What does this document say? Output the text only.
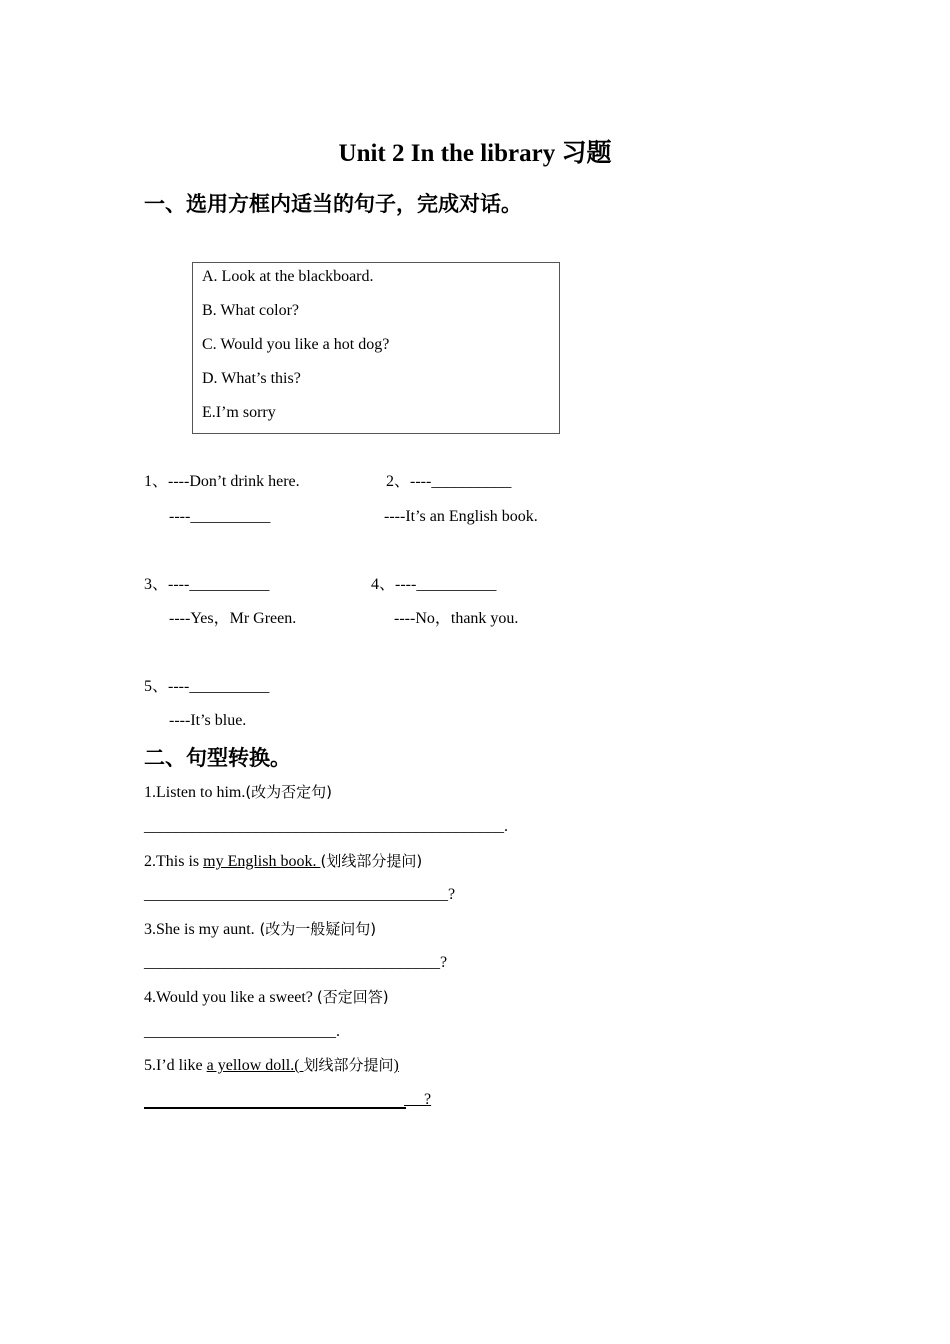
Unit 2 In the library 习题
一、选用方框内适当的句子，完成对话。
A. Look at the blackboard.
B. What color?
C. Would you like a hot dog?
D. What’s this?
E.I’m sorry
1、----Don’t drink here.
----__________
2、----__________
----It’s an English book.
3、----__________
----Yes，Mr Green.
4、----__________
----No，thank you.
5、----__________
----It’s blue.
二、句型转换。
1.Listen to him.(改为否定句)
_____________________________________________.
2.This is my English book. (划线部分提问)
______________________________________?
3.She is my aunt. (改为一般疑问句)
_____________________________________?
4.Would you like a sweet? (否定回答)
________________________.
5.I’d like a yellow doll.( 划线部分提问)
?
